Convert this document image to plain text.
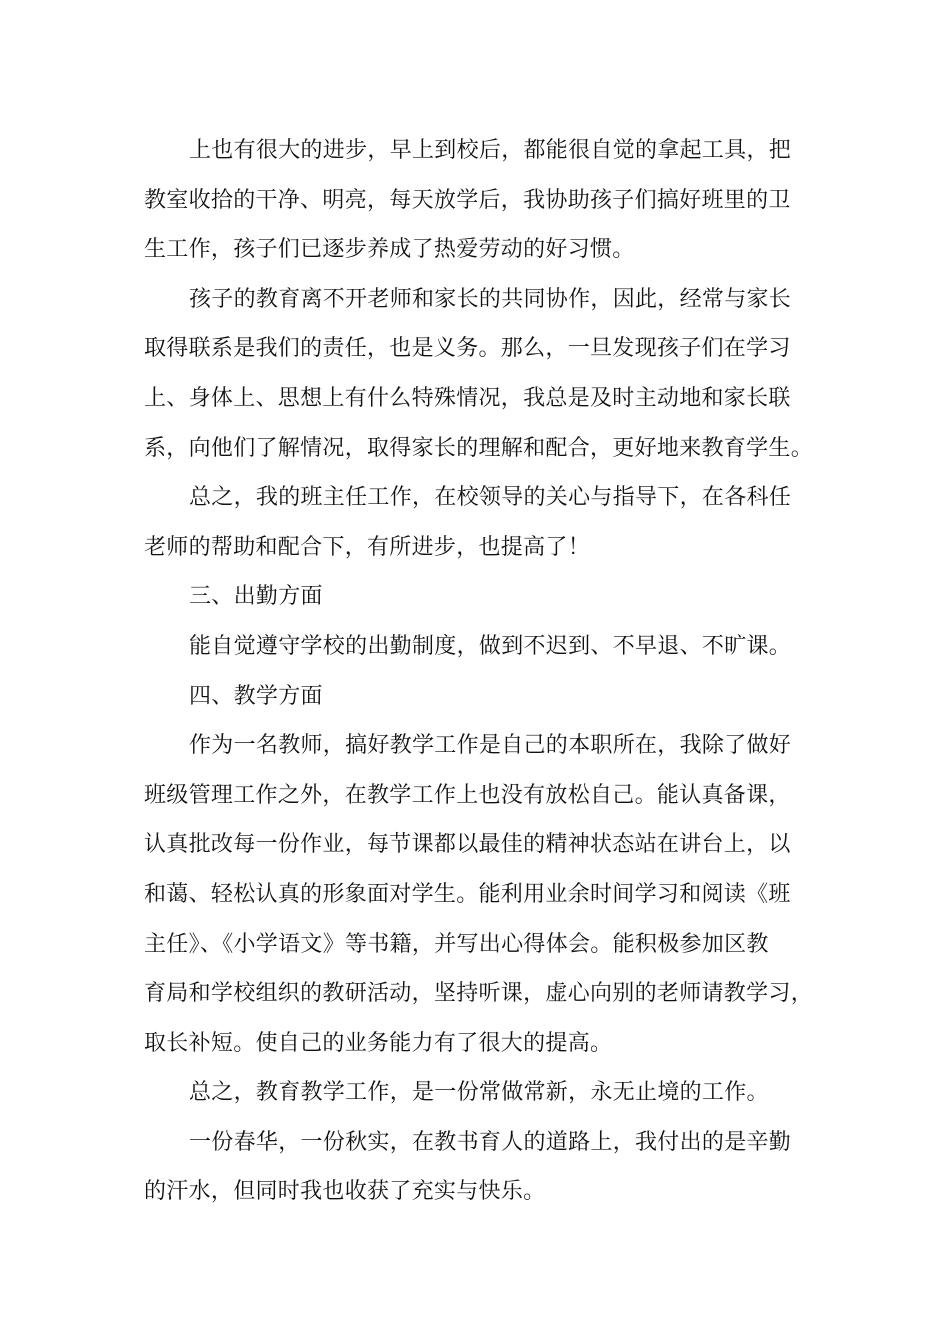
上也有很大的进步，早上到校后，都能很自觉的拿起工具，把
教室收拾的干净、明亮，每天放学后，我协助孩子们搞好班里的卫
生工作，孩子们已逐步养成了热爱劳动的好习惯。

孩子的教育离不开老师和家长的共同协作，因此，经常与家长
取得联系是我们的责任，也是义务。那么，一旦发现孩子们在学习
上、身体上、思想上有什么特殊情况，我总是及时主动地和家长联
系，向他们了解情况，取得家长的理解和配合，更好地来教育学生。

总之，我的班主任工作，在校领导的关心与指导下，在各科任
老师的帮助和配合下，有所进步，也提高了！

三、出勤方面

能自觉遵守学校的出勤制度，做到不迟到、不早退、不旷课。

四、教学方面

作为一名教师，搞好教学工作是自己的本职所在，我除了做好
班级管理工作之外，在教学工作上也没有放松自己。能认真备课，
认真批改每一份作业，每节课都以最佳的精神状态站在讲台上，以
和蔼、轻松认真的形象面对学生。能利用业余时间学习和阅读《班
主任》、《小学语文》等书籍，并写出心得体会。能积极参加区教
育局和学校组织的教研活动，坚持听课，虚心向别的老师请教学习，
取长补短。使自己的业务能力有了很大的提高。

总之，教育教学工作，是一份常做常新，永无止境的工作。

一份春华，一份秋实，在教书育人的道路上，我付出的是辛勤
的汗水，但同时我也收获了充实与快乐。
